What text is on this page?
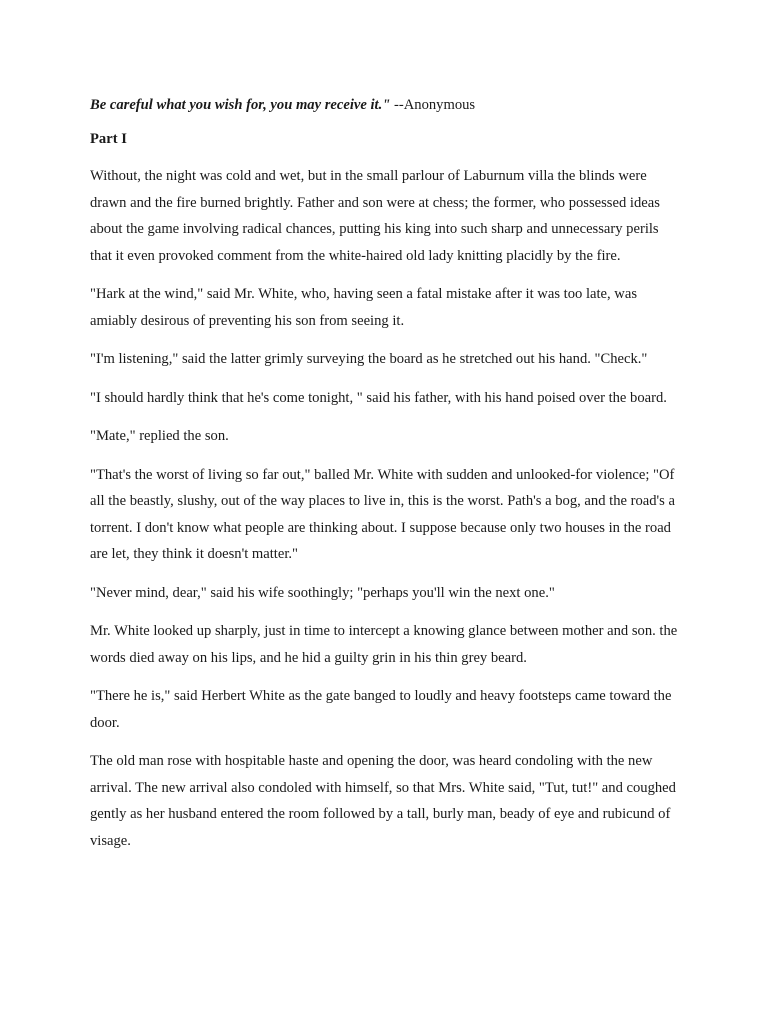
Be careful what you wish for, you may receive it." --Anonymous

Part I

Without, the night was cold and wet, but in the small parlour of Laburnum villa the blinds were drawn and the fire burned brightly. Father and son were at chess; the former, who possessed ideas about the game involving radical chances, putting his king into such sharp and unnecessary perils that it even provoked comment from the white-haired old lady knitting placidly by the fire.

"Hark at the wind," said Mr. White, who, having seen a fatal mistake after it was too late, was amiably desirous of preventing his son from seeing it.

"I'm listening," said the latter grimly surveying the board as he stretched out his hand. "Check."

"I should hardly think that he's come tonight, " said his father, with his hand poised over the board.

"Mate," replied the son.

"That's the worst of living so far out," balled Mr. White with sudden and unlooked-for violence; "Of all the beastly, slushy, out of the way places to live in, this is the worst. Path's a bog, and the road's a torrent. I don't know what people are thinking about. I suppose because only two houses in the road are let, they think it doesn't matter."

"Never mind, dear," said his wife soothingly; "perhaps you'll win the next one."

Mr. White looked up sharply, just in time to intercept a knowing glance between mother and son. the words died away on his lips, and he hid a guilty grin in his thin grey beard.

"There he is," said Herbert White as the gate banged to loudly and heavy footsteps came toward the door.

The old man rose with hospitable haste and opening the door, was heard condoling with the new arrival. The new arrival also condoled with himself, so that Mrs. White said, "Tut, tut!" and coughed gently as her husband entered the room followed by a tall, burly man, beady of eye and rubicund of visage.
